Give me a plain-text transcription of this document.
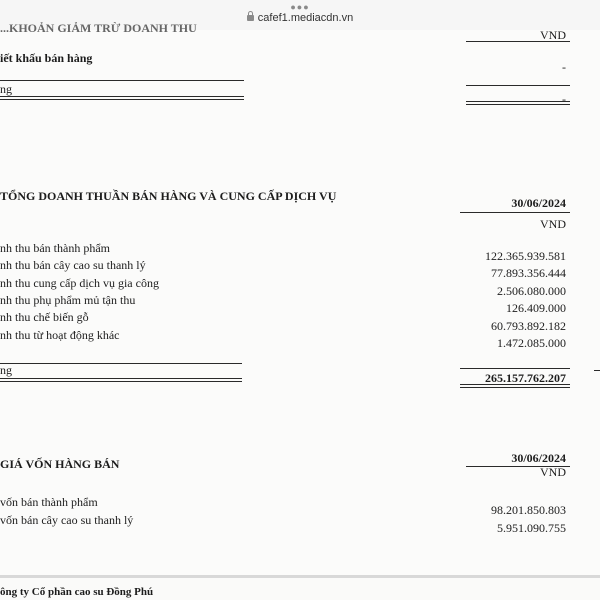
●●●
cafef1.mediacdn.vn
...KHOẢN GIẢM TRỪ DOANH THU	VND
iết khấu bán hàng
-
ng
-
TỔNG DOANH THUẦN BÁN HÀNG VÀ CUNG CẤP DỊCH VỤ	30/06/2024
VND
nh thu bán thành phẩm
122.365.939.581
nh thu bán cây cao su thanh lý
77.893.356.444
nh thu cung cấp dịch vụ gia công
2.506.080.000
nh thu phụ phẩm mủ tận thu
126.409.000
nh thu chế biến gỗ
60.793.892.182
nh thu từ hoạt động khác
1.472.085.000
ng
265.157.762.207
30/06/2024
GIÁ VỐN HÀNG BÁN
VND
vốn bán thành phẩm
98.201.850.803
vốn bán cây cao su thanh lý
5.951.090.755
ông ty Cổ phần cao su Đồng Phú
